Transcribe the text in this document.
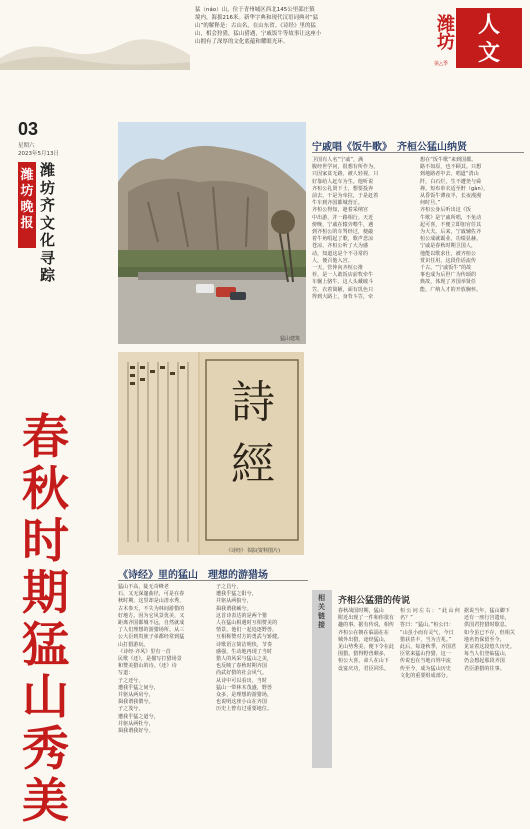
猛（náo）山，位于青州城区西北145公里邵庄镇
境内，海拔216米。新华字典和现代汉语词典对“猛
山”的解释是：古山名，在山东省。《诗经》里的猛
山，相会狩猎，猛山猎遇，宁戚饭牛等故事让这座小
山拥有了深厚的文化底蕴和耀眼光环。	潍坊 人文
第△季
03
星期六
2023年5月13日
潍坊晚报
潍坊齐文化寻踪
春秋时期猛山秀美
猛山建筑
詩經
《诗经》书影(资料图片)
宁戚唱《饭牛歌》　齐桓公猛山纳贤
卫国有人名“宁戚”，满
腹经世学问，很想有所作为，
只因家贫无路，被人轻视，只
好靠给人赶车为生。他听说
齐桓公礼贤下士，想要投奔
前去，干是为牵拉，于是赶着
牛车到齐国都城营丘。
齐桓公得知，趁着采纳宫
中出游，并一路相行。天近
傍晚，宁戚在辕旁喂牛，遇
到齐桓公的车驾经过，便敲
着牛角唱起了歌，歌声悲凉
苍凉，齐桓公听了大为感
动，知道这是个不寻常的
人，便召他入宫。
一天，管仲向齐桓公推
荐，是一人敢饭店前牧牵牛
车辗上骆牛。这人头戴破斗
笠，衣着简陋，面有饥色只
得到大路上，身背斗笠，牵
想在“饭牛歌”来到国都。
路不如原，也不顾其。只想
到地路者中去，唱道“清山
阡，白石烂，生不遭尧与舜
禅。短布单衣适至骭（gàn），
从昏饭牛薄夜半，长夜漫漫
何时旦。”
齐桓公身后听出这《饭
牛歌》是宁戚所唱，不免动
起可喜，不便立即加官任其
为大夫。后来，宁戚辅佐齐
桓公成就霸业，功绩显赫。
宁戚是春秋时期卫国人，
他能以歌求仕，被齐桓公
赏识任用，这段佳话流传
千古。“宁戚饭牛”的故
事也成为后世广为传颂的
典故，体现了齐国举贤任
能、广纳人才的开放胸怀。
《诗经》里的猛山　理想的游猎场
猛山不高，陡无奇峰老
石，又无深邃曲径，可是在春
秋时期，这里却是山清水秀，
古木参天，不失为林间游猎的
好地方。因为它风景优美，又
距离齐国都城不远，自然就成
了人们理想的游猎场所。从三
公大臣到贵族子弟都经常到猛
山打猎游玩。
《诗经·齐风》里有一首
民歌《还》，是描写打猎场景
和赞美猎山的诗。《还》诗
写道：
子之还兮，
遭我乎猛之间兮，
并驱从两肩兮，
揖我谓我儇兮。
子之茂兮，
遭我乎猛之道兮，
并驱从两牡兮，
揖我谓我好兮。
子之昌兮，
遭我乎猛之阳兮，
并驱从两狼兮，
揖我谓我臧兮。
这首诗表达的是两个猎
人在猛山相遇时互相赞美的
情景。他们一起追逐野兽，
互相称赞对方的勇武与矫健。
诗歌语言简洁明快，节奏
感强，生动地再现了当时
猎人的风采与猛山之美，
也反映了春秋时期齐国
尚武好猎的社会风气。
从诗中可以看出，当时
猛山一带林木茂盛，野兽
众多，是理想的游猎场，
也说明这座小山在齐国
历史上曾有过重要地位。
相关链接
齐相公猛猎的传说
春秋战国时期，猛山
附近出现了一件和你很有
趣的事。据有传说，相传
齐桓公在朝在临淄在在
城外出猎，途经猛山，
见山势秀美，便下令在此
围猎。猎得野兽颇多，
桓公大喜，命人在山下
设宴庆功，君臣同乐。
桓公问左右：“此山何名？”
答曰：“猛山。”桓公曰：
“山虽小而有灵气，今日
猎获甚丰，当为吉兆。”
此后，每逢秋季，齐国君
臣常来猛山狩猎，这一
传说也在当地百姓中流
传至今，成为猛山历史
文化的重要组成部分。
据说当年，猛山脚下
还有一座行宫遗址，
供国君狩猎时歇息。
如今虽已不存，但相关
地名仍保留至今，
见证着这段悠久历史。
每当人们登临猛山，
仍会想起那段齐国
君臣游猎的往事。
